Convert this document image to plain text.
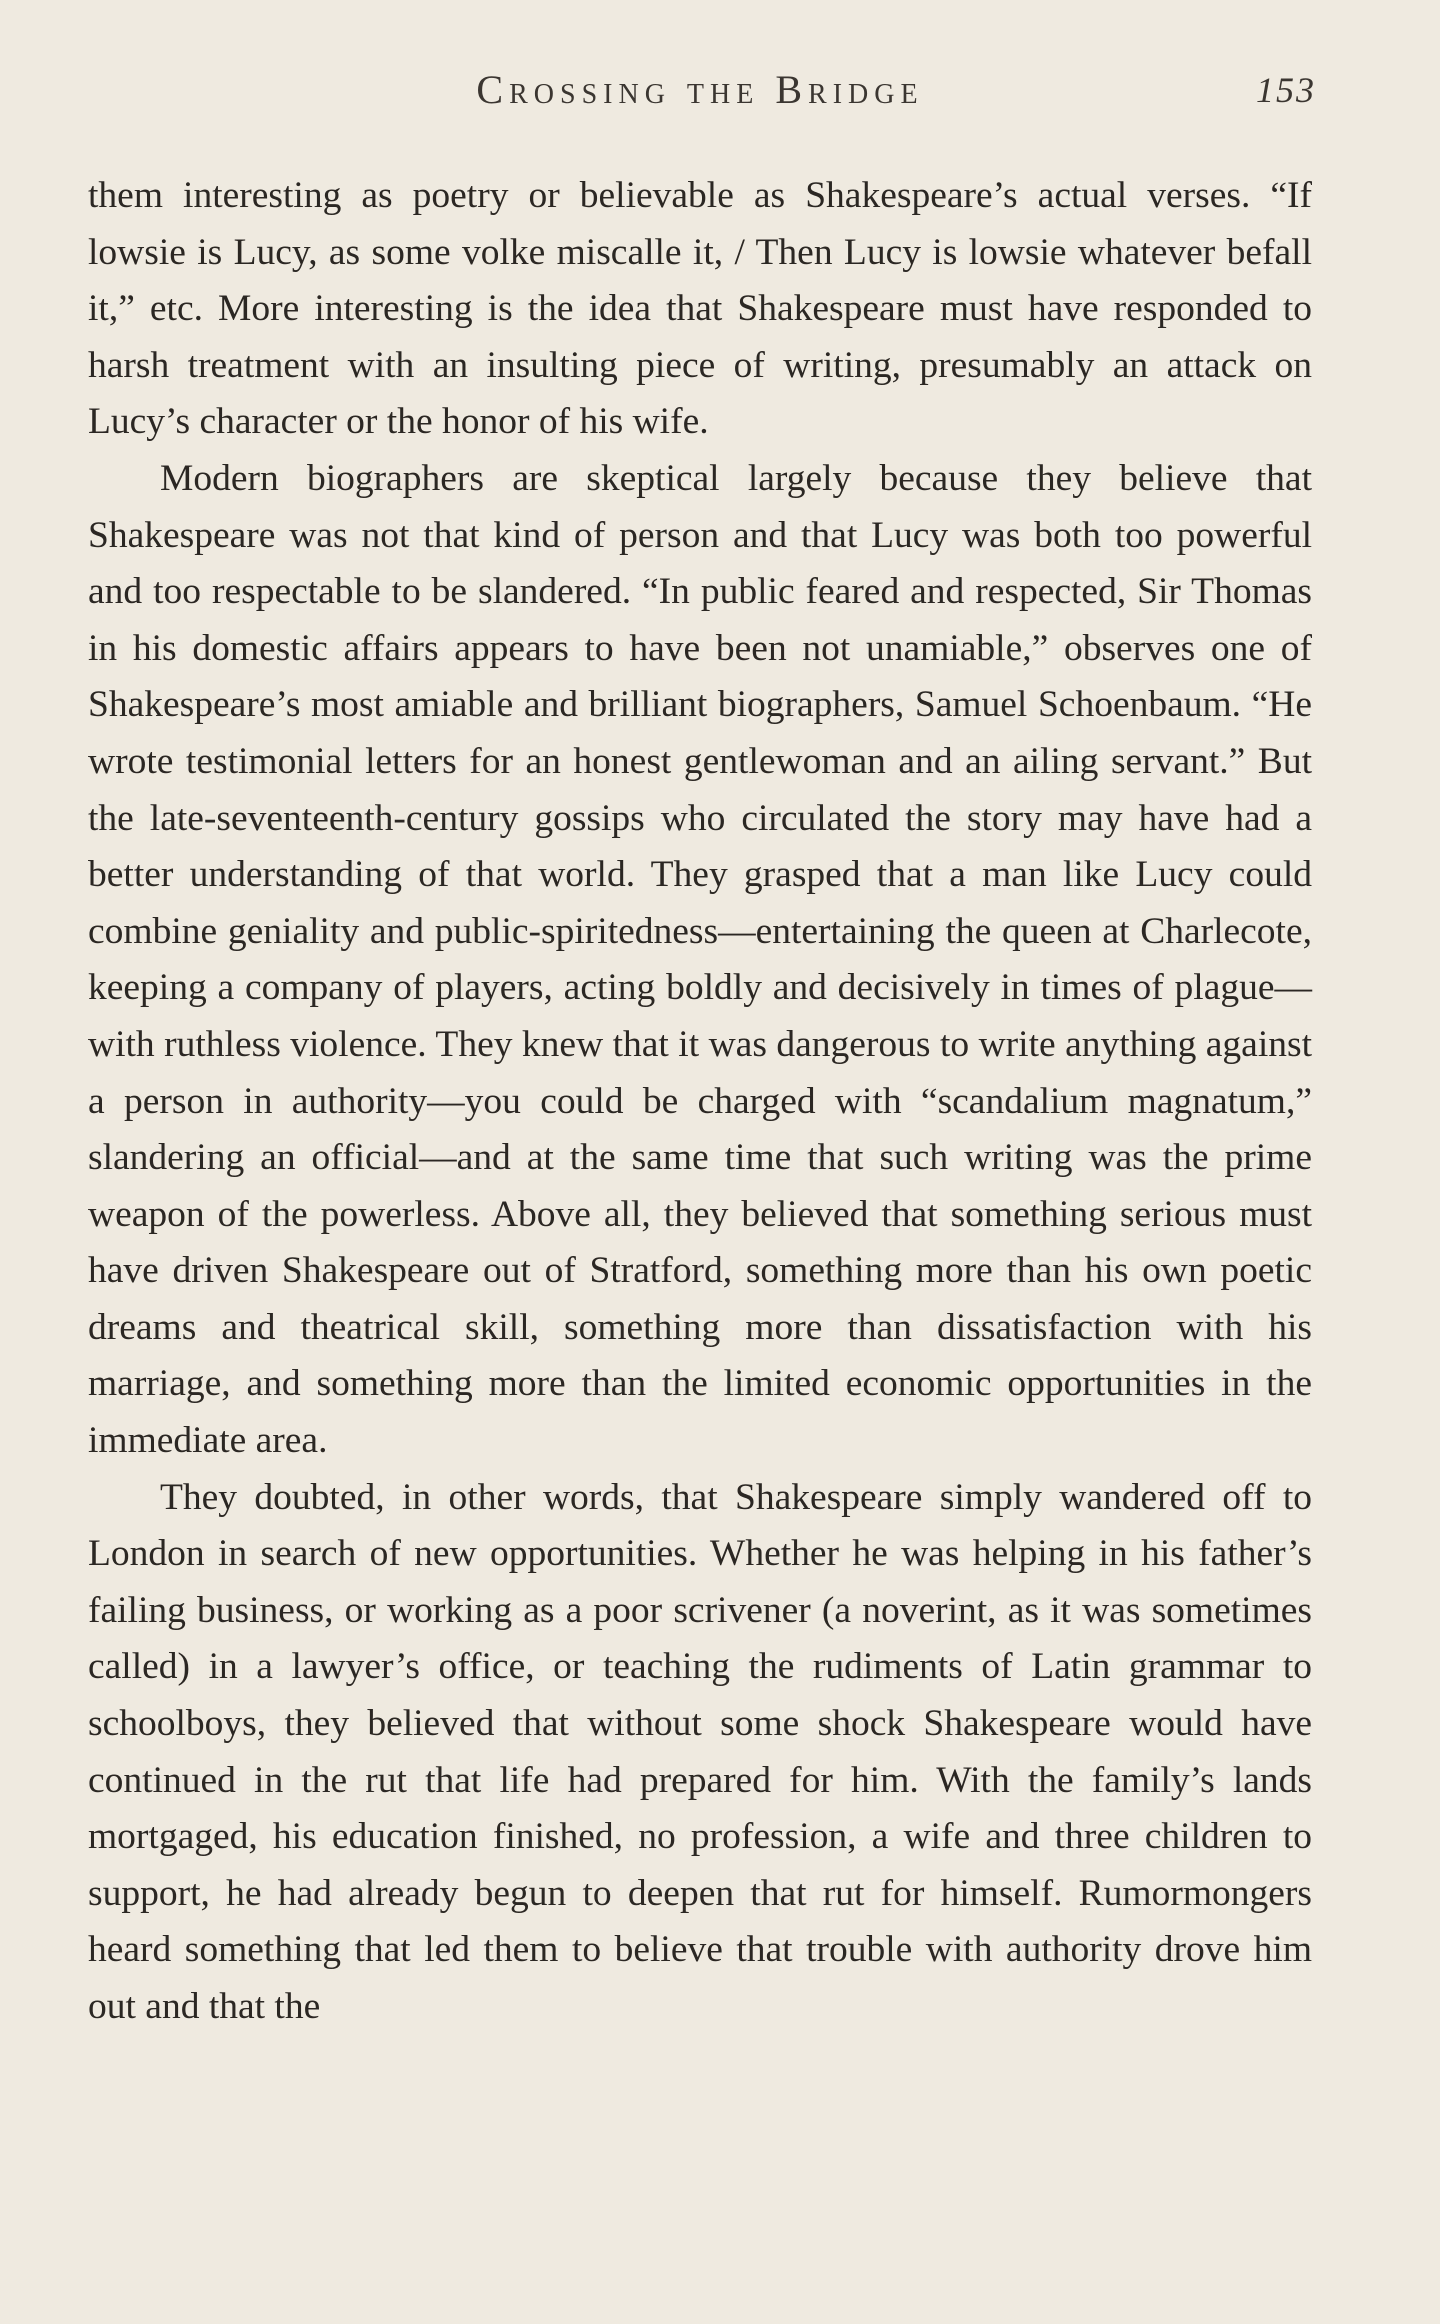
Crossing the Bridge	153

them interesting as poetry or believable as Shakespeare’s actual verses. “If lowsie is Lucy, as some volke miscalle it, / Then Lucy is lowsie whatever befall it,” etc. More interesting is the idea that Shakespeare must have responded to harsh treatment with an insulting piece of writing, presumably an attack on Lucy’s character or the honor of his wife.

Modern biographers are skeptical largely because they believe that Shakespeare was not that kind of person and that Lucy was both too powerful and too respectable to be slandered. “In public feared and respected, Sir Thomas in his domestic affairs appears to have been not unamiable,” observes one of Shakespeare’s most amiable and brilliant biographers, Samuel Schoenbaum. “He wrote testimonial letters for an honest gentlewoman and an ailing servant.” But the late-seventeenth-century gossips who circulated the story may have had a better understanding of that world. They grasped that a man like Lucy could combine geniality and public-spiritedness—entertaining the queen at Charlecote, keeping a company of players, acting boldly and decisively in times of plague—with ruthless violence. They knew that it was dangerous to write anything against a person in authority—you could be charged with “scandalium magnatum,” slandering an official—and at the same time that such writing was the prime weapon of the powerless. Above all, they believed that something serious must have driven Shakespeare out of Stratford, something more than his own poetic dreams and theatrical skill, something more than dissatisfaction with his marriage, and something more than the limited economic opportunities in the immediate area.

They doubted, in other words, that Shakespeare simply wandered off to London in search of new opportunities. Whether he was helping in his father’s failing business, or working as a poor scrivener (a noverint, as it was sometimes called) in a lawyer’s office, or teaching the rudiments of Latin grammar to schoolboys, they believed that without some shock Shakespeare would have continued in the rut that life had prepared for him. With the family’s lands mortgaged, his education finished, no profession, a wife and three children to support, he had already begun to deepen that rut for himself. Rumormongers heard something that led them to believe that trouble with authority drove him out and that the
